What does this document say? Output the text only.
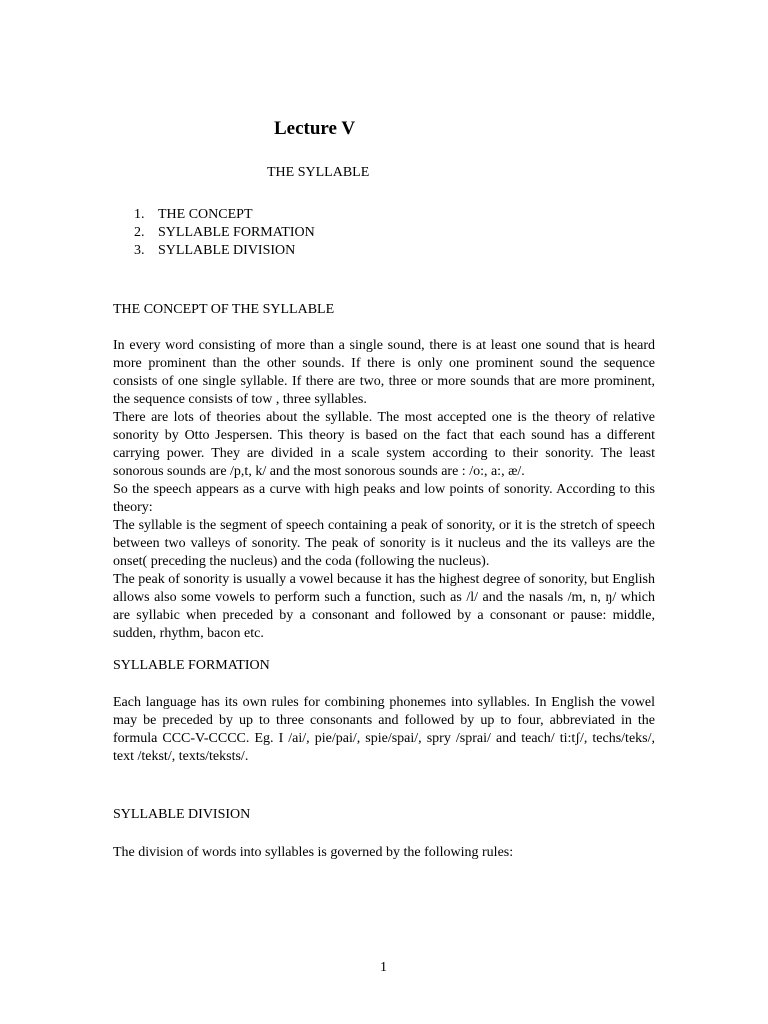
Lecture V
THE SYLLABLE
1. THE CONCEPT
2. SYLLABLE FORMATION
3. SYLLABLE DIVISION
THE CONCEPT OF THE SYLLABLE

In every word consisting of more than a single sound, there is at least one sound that is heard more prominent than the other sounds. If there is only one prominent sound the sequence consists of one single syllable. If there are two, three or more sounds that are more prominent, the sequence consists of tow , three syllables.

There are lots of theories about the syllable. The most accepted one is the theory of relative sonority by Otto Jespersen. This theory is based on the fact that each sound has a different carrying power. They are divided in a scale system according to their sonority. The least sonorous sounds are /p,t, k/ and the most sonorous sounds are : /o:, a:, æ/.

So the speech appears as a curve with high peaks and low points of sonority. According to this theory:

The syllable is the segment of speech containing a peak of sonority, or it is the stretch of speech between two valleys of sonority. The peak of sonority is it nucleus and the its valleys are the onset( preceding the nucleus) and the coda (following the nucleus).

The peak of sonority is usually a vowel because it has the highest degree of sonority, but English allows also some vowels to perform such a function, such as /l/ and the nasals /m, n, ŋ/ which are syllabic when preceded by a consonant and followed by a consonant or pause: middle, sudden, rhythm, bacon etc.

SYLLABLE FORMATION

Each language has its own rules for combining phonemes into syllables. In English the vowel may be preceded by up to three consonants and followed by up to four, abbreviated in the formula CCC-V-CCCC. Eg. I /ai/, pie/pai/, spie/spai/, spry /sprai/ and teach/ ti:tʃ/, techs/teks/, text /tekst/, texts/teksts/.

SYLLABLE DIVISION

The division of words into syllables is governed by the following rules:

1
